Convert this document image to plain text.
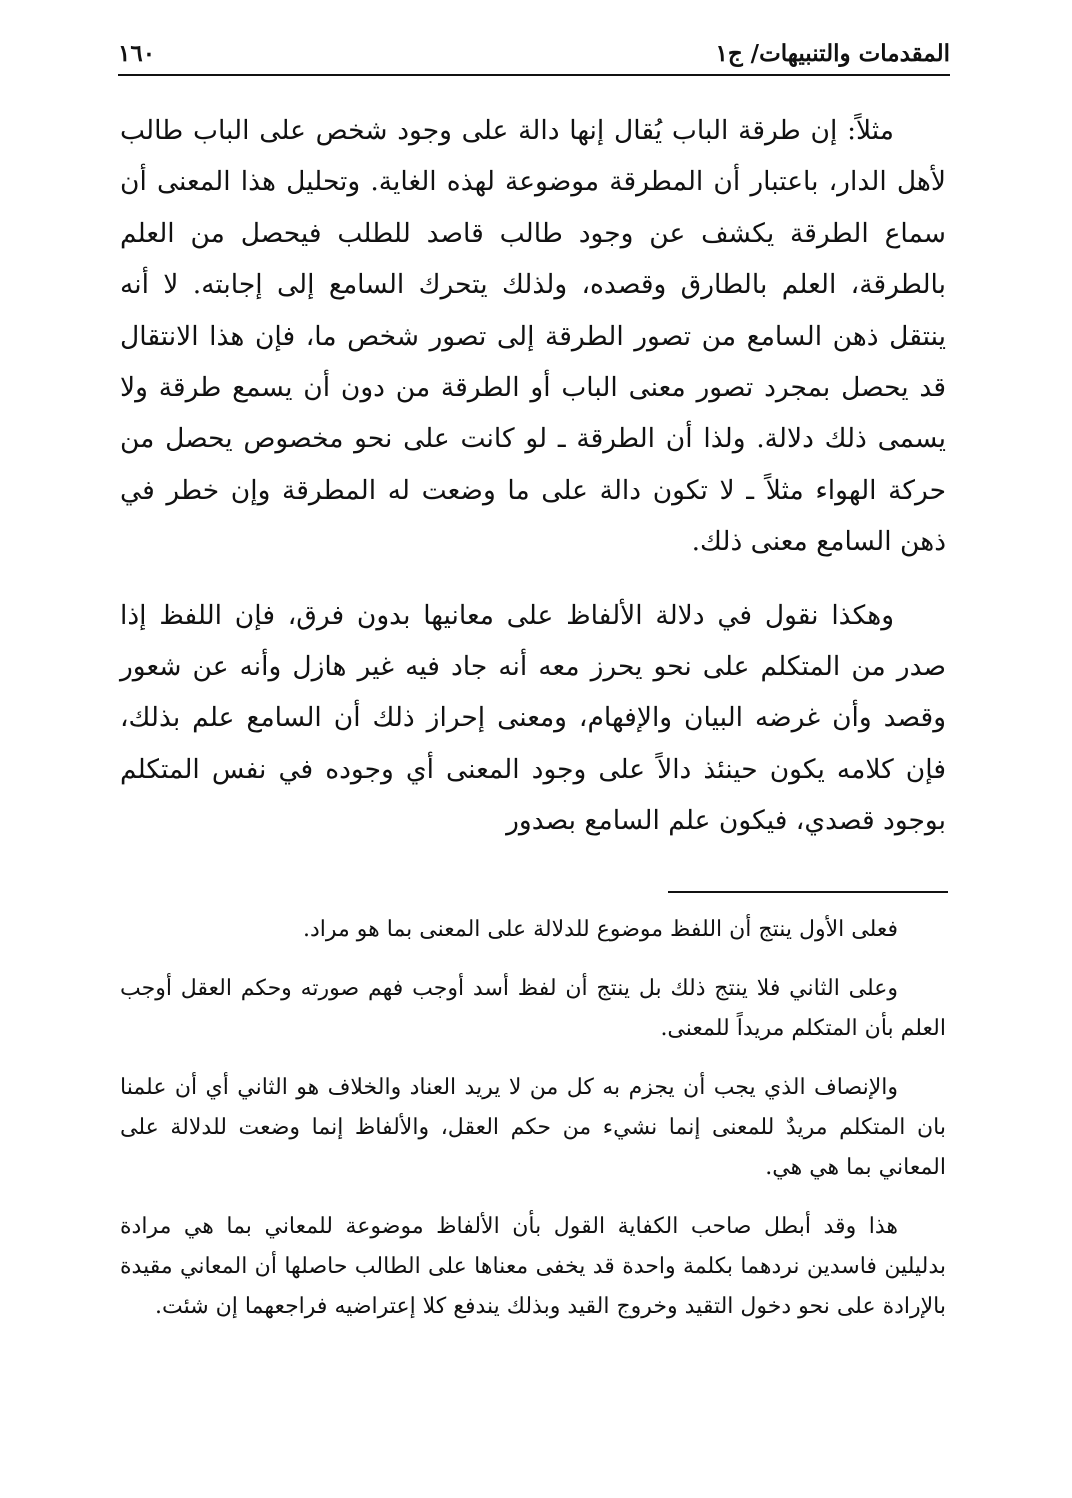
المقدمات والتنبيهات/ ج١
١٦٠

مثلاً: إن طرقة الباب يُقال إنها دالة على وجود شخص على الباب طالب لأهل الدار، باعتبار أن المطرقة موضوعة لهذه الغاية. وتحليل هذا المعنى أن سماع الطرقة يكشف عن وجود طالب قاصد للطلب فيحصل من العلم بالطرقة، العلم بالطارق وقصده، ولذلك يتحرك السامع إلى إجابته. لا أنه ينتقل ذهن السامع من تصور الطرقة إلى تصور شخص ما، فإن هذا الانتقال قد يحصل بمجرد تصور معنى الباب أو الطرقة من دون أن يسمع طرقة ولا يسمى ذلك دلالة. ولذا أن الطرقة ـ لو كانت على نحو مخصوص يحصل من حركة الهواء مثلاً ـ لا تكون دالة على ما وضعت له المطرقة وإن خطر في ذهن السامع معنى ذلك.

وهكذا نقول في دلالة الألفاظ على معانيها بدون فرق، فإن اللفظ إذا صدر من المتكلم على نحو يحرز معه أنه جاد فيه غير هازل وأنه عن شعور وقصد وأن غرضه البيان والإفهام، ومعنى إحراز ذلك أن السامع علم بذلك، فإن كلامه يكون حينئذ دالاً على وجود المعنى أي وجوده في نفس المتكلم بوجود قصدي، فيكون علم السامع بصدور

فعلى الأول ينتج أن اللفظ موضوع للدلالة على المعنى بما هو مراد.

وعلى الثاني فلا ينتج ذلك بل ينتج أن لفظ أسد أوجب فهم صورته وحكم العقل أوجب العلم بأن المتكلم مريداً للمعنى.

والإنصاف الذي يجب أن يجزم به كل من لا يريد العناد والخلاف هو الثاني أي أن علمنا بان المتكلم مريدٌ للمعنى إنما نشيء من حكم العقل، والألفاظ إنما وضعت للدلالة على المعاني بما هي هي.

هذا وقد أبطل صاحب الكفاية القول بأن الألفاظ موضوعة للمعاني بما هي مرادة بدليلين فاسدين نردهما بكلمة واحدة قد يخفى معناها على الطالب حاصلها أن المعاني مقيدة بالإرادة على نحو دخول التقيد وخروج القيد وبذلك يندفع كلا إعتراضيه فراجعهما إن شئت.
